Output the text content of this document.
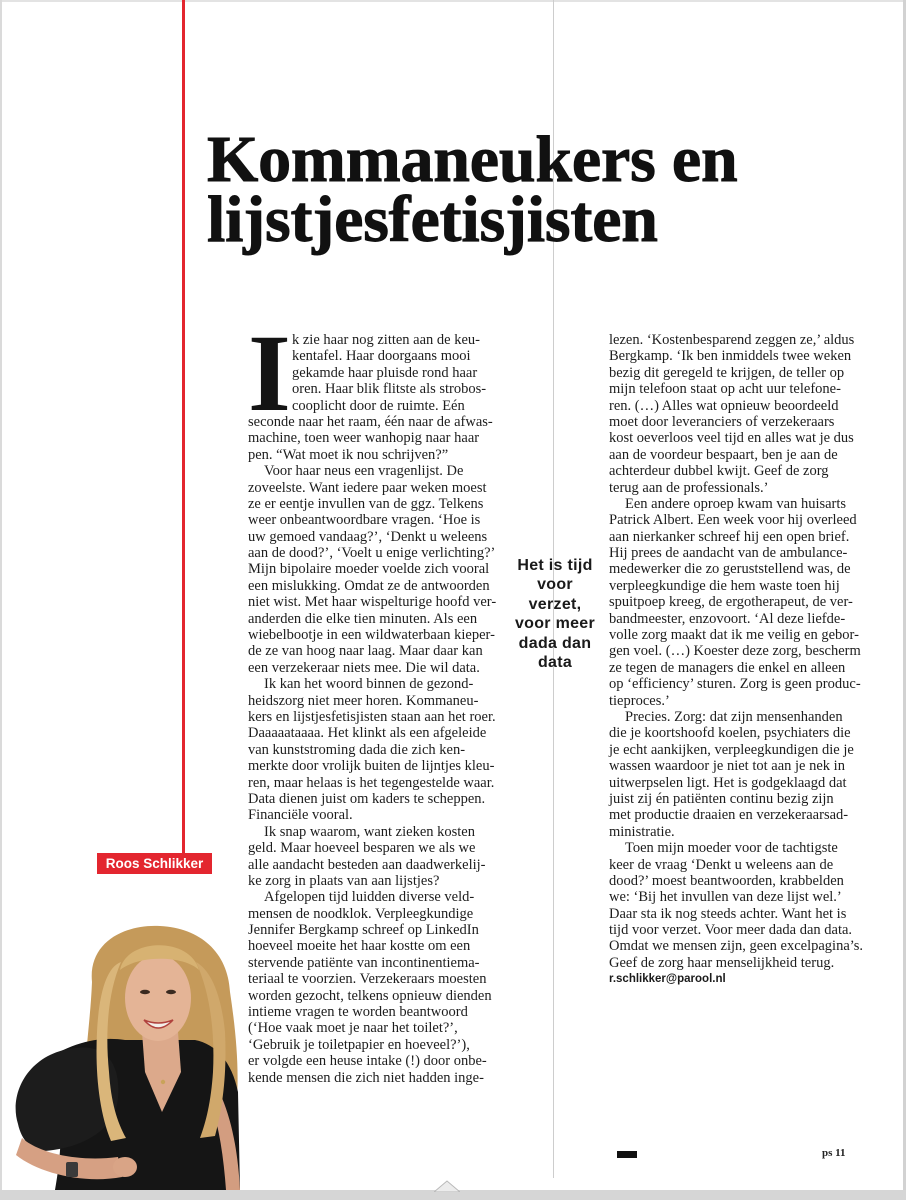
Kommaneukers en
lijstjesfetisjisten
I k zie haar nog zitten aan de keu-
kentafel. Haar doorgaans mooi
gekamde haar pluisde rond haar
oren. Haar blik flitste als strobos-
cooplicht door de ruimte. Eén
seconde naar het raam, één naar de afwas-
machine, toen weer wanhopig naar haar
pen. “Wat moet ik nou schrijven?”
Voor haar neus een vragenlijst. De
zoveelste. Want iedere paar weken moest
ze er eentje invullen van de ggz. Telkens
weer onbeantwoordbare vragen. ‘Hoe is
uw gemoed vandaag?’, ‘Denkt u weleens
aan de dood?’, ‘Voelt u enige verlichting?’
Mijn bipolaire moeder voelde zich vooral
een mislukking. Omdat ze de antwoorden
niet wist. Met haar wispelturige hoofd ver-
anderden die elke tien minuten. Als een
wiebelbootje in een wildwaterbaan kieper-
de ze van hoog naar laag. Maar daar kan
een verzekeraar niets mee. Die wil data.
Ik kan het woord binnen de gezond-
heidszorg niet meer horen. Kommaneu-
kers en lijstjesfetisjisten staan aan het roer.
Daaaaataaaa. Het klinkt als een afgeleide
van kunststroming dada die zich ken-
merkte door vrolijk buiten de lijntjes kleu-
ren, maar helaas is het tegengestelde waar.
Data dienen juist om kaders te scheppen.
Financiële vooral.
Ik snap waarom, want zieken kosten
geld. Maar hoeveel besparen we als we
alle aandacht besteden aan daadwerkelij-
ke zorg in plaats van aan lijstjes?
Afgelopen tijd luidden diverse veld-
mensen de noodklok. Verpleegkundige
Jennifer Bergkamp schreef op LinkedIn
hoeveel moeite het haar kostte om een
stervende patiënte van incontinentiema-
teriaal te voorzien. Verzekeraars moesten
worden gezocht, telkens opnieuw dienden
intieme vragen te worden beantwoord
(‘Hoe vaak moet je naar het toilet?’,
‘Gebruik je toiletpapier en hoeveel?’),
er volgde een heuse intake (!) door onbe-
kende mensen die zich niet hadden inge-
Het is tijd
voor
verzet,
voor meer
dada dan
data
lezen. ‘Kostenbesparend zeggen ze,’ aldus
Bergkamp. ‘Ik ben inmiddels twee weken
bezig dit geregeld te krijgen, de teller op
mijn telefoon staat op acht uur telefone-
ren. (…) Alles wat opnieuw beoordeeld
moet door leveranciers of verzekeraars
kost oeverloos veel tijd en alles wat je dus
aan de voordeur bespaart, ben je aan de
achterdeur dubbel kwijt. Geef de zorg
terug aan de professionals.’
Een andere oproep kwam van huisarts
Patrick Albert. Een week voor hij overleed
aan nierkanker schreef hij een open brief.
Hij prees de aandacht van de ambulance-
medewerker die zo geruststellend was, de
verpleegkundige die hem waste toen hij
spuitpoep kreeg, de ergotherapeut, de ver-
bandmeester, enzovoort. ‘Al deze liefde-
volle zorg maakt dat ik me veilig en gebor-
gen voel. (…) Koester deze zorg, bescherm
ze tegen de managers die enkel en alleen
op ‘efficiency’ sturen. Zorg is geen produc-
tieproces.’
Precies. Zorg: dat zijn mensenhanden
die je koortshoofd koelen, psychiaters die
je echt aankijken, verpleegkundigen die je
wassen waardoor je niet tot aan je nek in
uitwerpselen ligt. Het is godgeklaagd dat
juist zij én patiënten continu bezig zijn
met productie draaien en verzekeraarsad-
ministratie.
Toen mijn moeder voor de tachtigste
keer de vraag ‘Denkt u weleens aan de
dood?’ moest beantwoorden, krabbelden
we: ‘Bij het invullen van deze lijst wel.’
Daar sta ik nog steeds achter. Want het is
tijd voor verzet. Voor meer dada dan data.
Omdat we mensen zijn, geen excelpagina’s.
Geef de zorg haar menselijkheid terug.
r.schlikker@parool.nl
Roos Schlikker
ps 11
